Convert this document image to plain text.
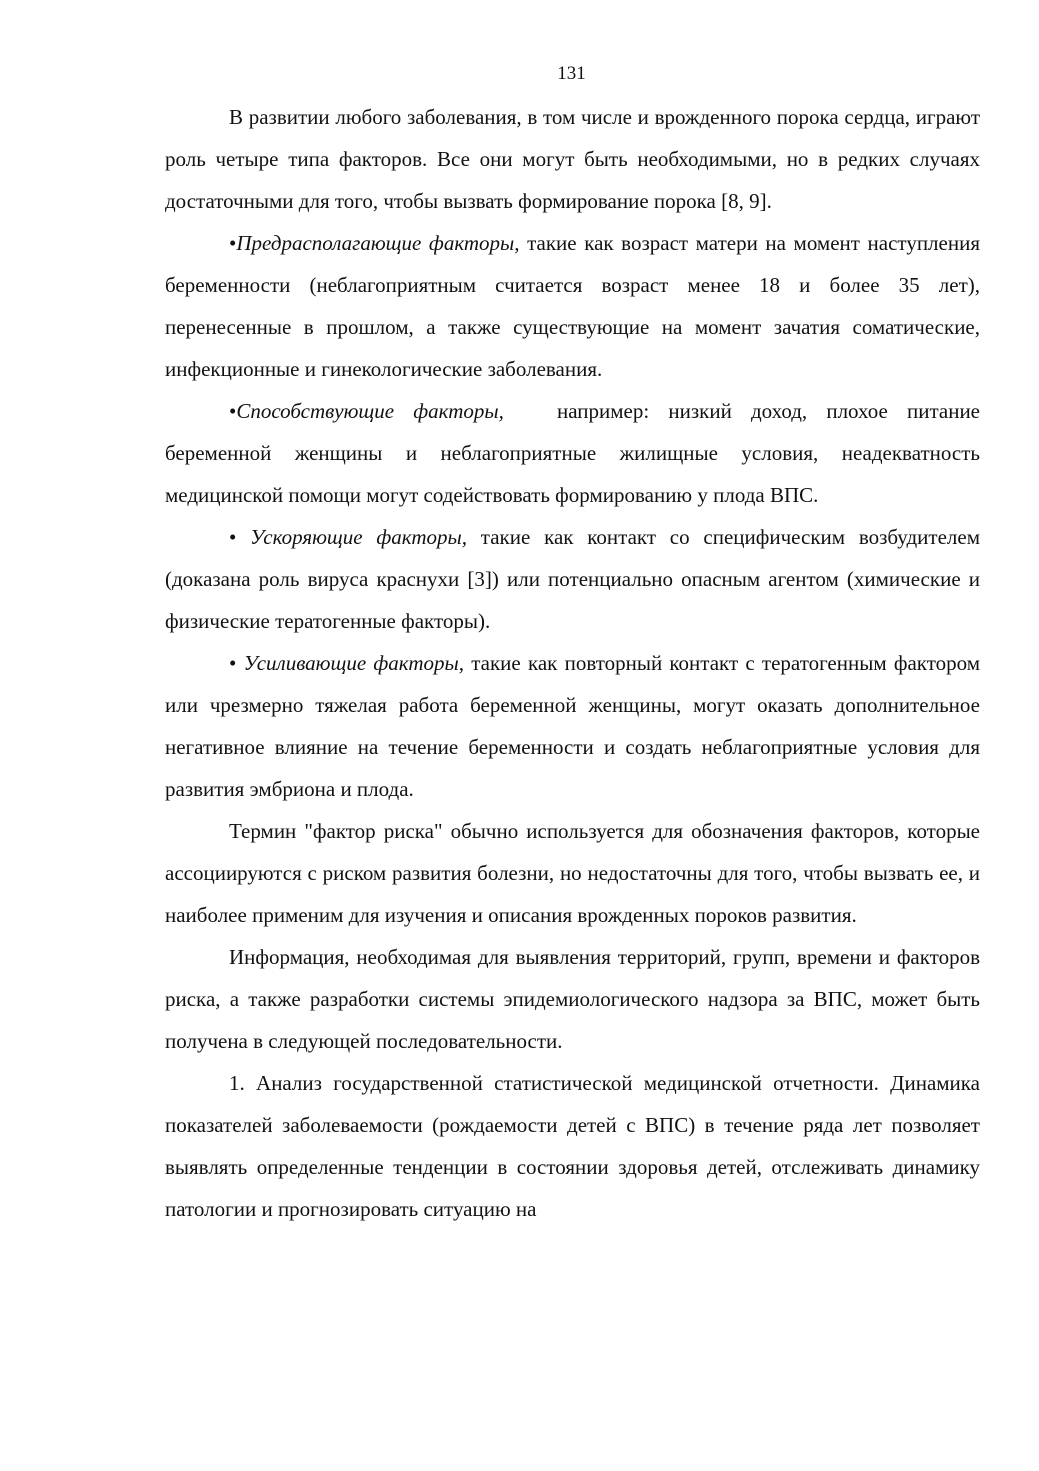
131

В развитии любого заболевания, в том числе и врожденного порока сердца, играют роль четыре типа факторов. Все они могут быть необходимыми, но в редких случаях достаточными для того, чтобы вызвать формирование порока [8, 9].

•Предрасполагающие факторы, такие как возраст матери на момент наступления беременности (неблагоприятным считается возраст менее 18 и более 35 лет), перенесенные в прошлом, а также существующие на момент зачатия соматические, инфекционные и гинекологические заболевания.

•Способствующие факторы, например: низкий доход, плохое питание беременной женщины и неблагоприятные жилищные условия, неадекватность медицинской помощи могут содействовать формированию у плода ВПС.

• Ускоряющие факторы, такие как контакт со специфическим возбудителем (доказана роль вируса краснухи [3]) или потенциально опасным агентом (химические и физические тератогенные факторы).

• Усиливающие факторы, такие как повторный контакт с тератогенным фактором или чрезмерно тяжелая работа беременной женщины, могут оказать дополнительное негативное влияние на течение беременности и создать неблагоприятные условия для развития эмбриона и плода.

Термин "фактор риска" обычно используется для обозначения факторов, которые ассоциируются с риском развития болезни, но недостаточны для того, чтобы вызвать ее, и наиболее применим для изучения и описания врожденных пороков развития.

Информация, необходимая для выявления территорий, групп, времени и факторов риска, а также разработки системы эпидемиологического надзора за ВПС, может быть получена в следующей последовательности.

1. Анализ государственной статистической медицинской отчетности. Динамика показателей заболеваемости (рождаемости детей с ВПС) в течение ряда лет позволяет выявлять определенные тенденции в состоянии здоровья детей, отслеживать динамику патологии и прогнозировать ситуацию на
